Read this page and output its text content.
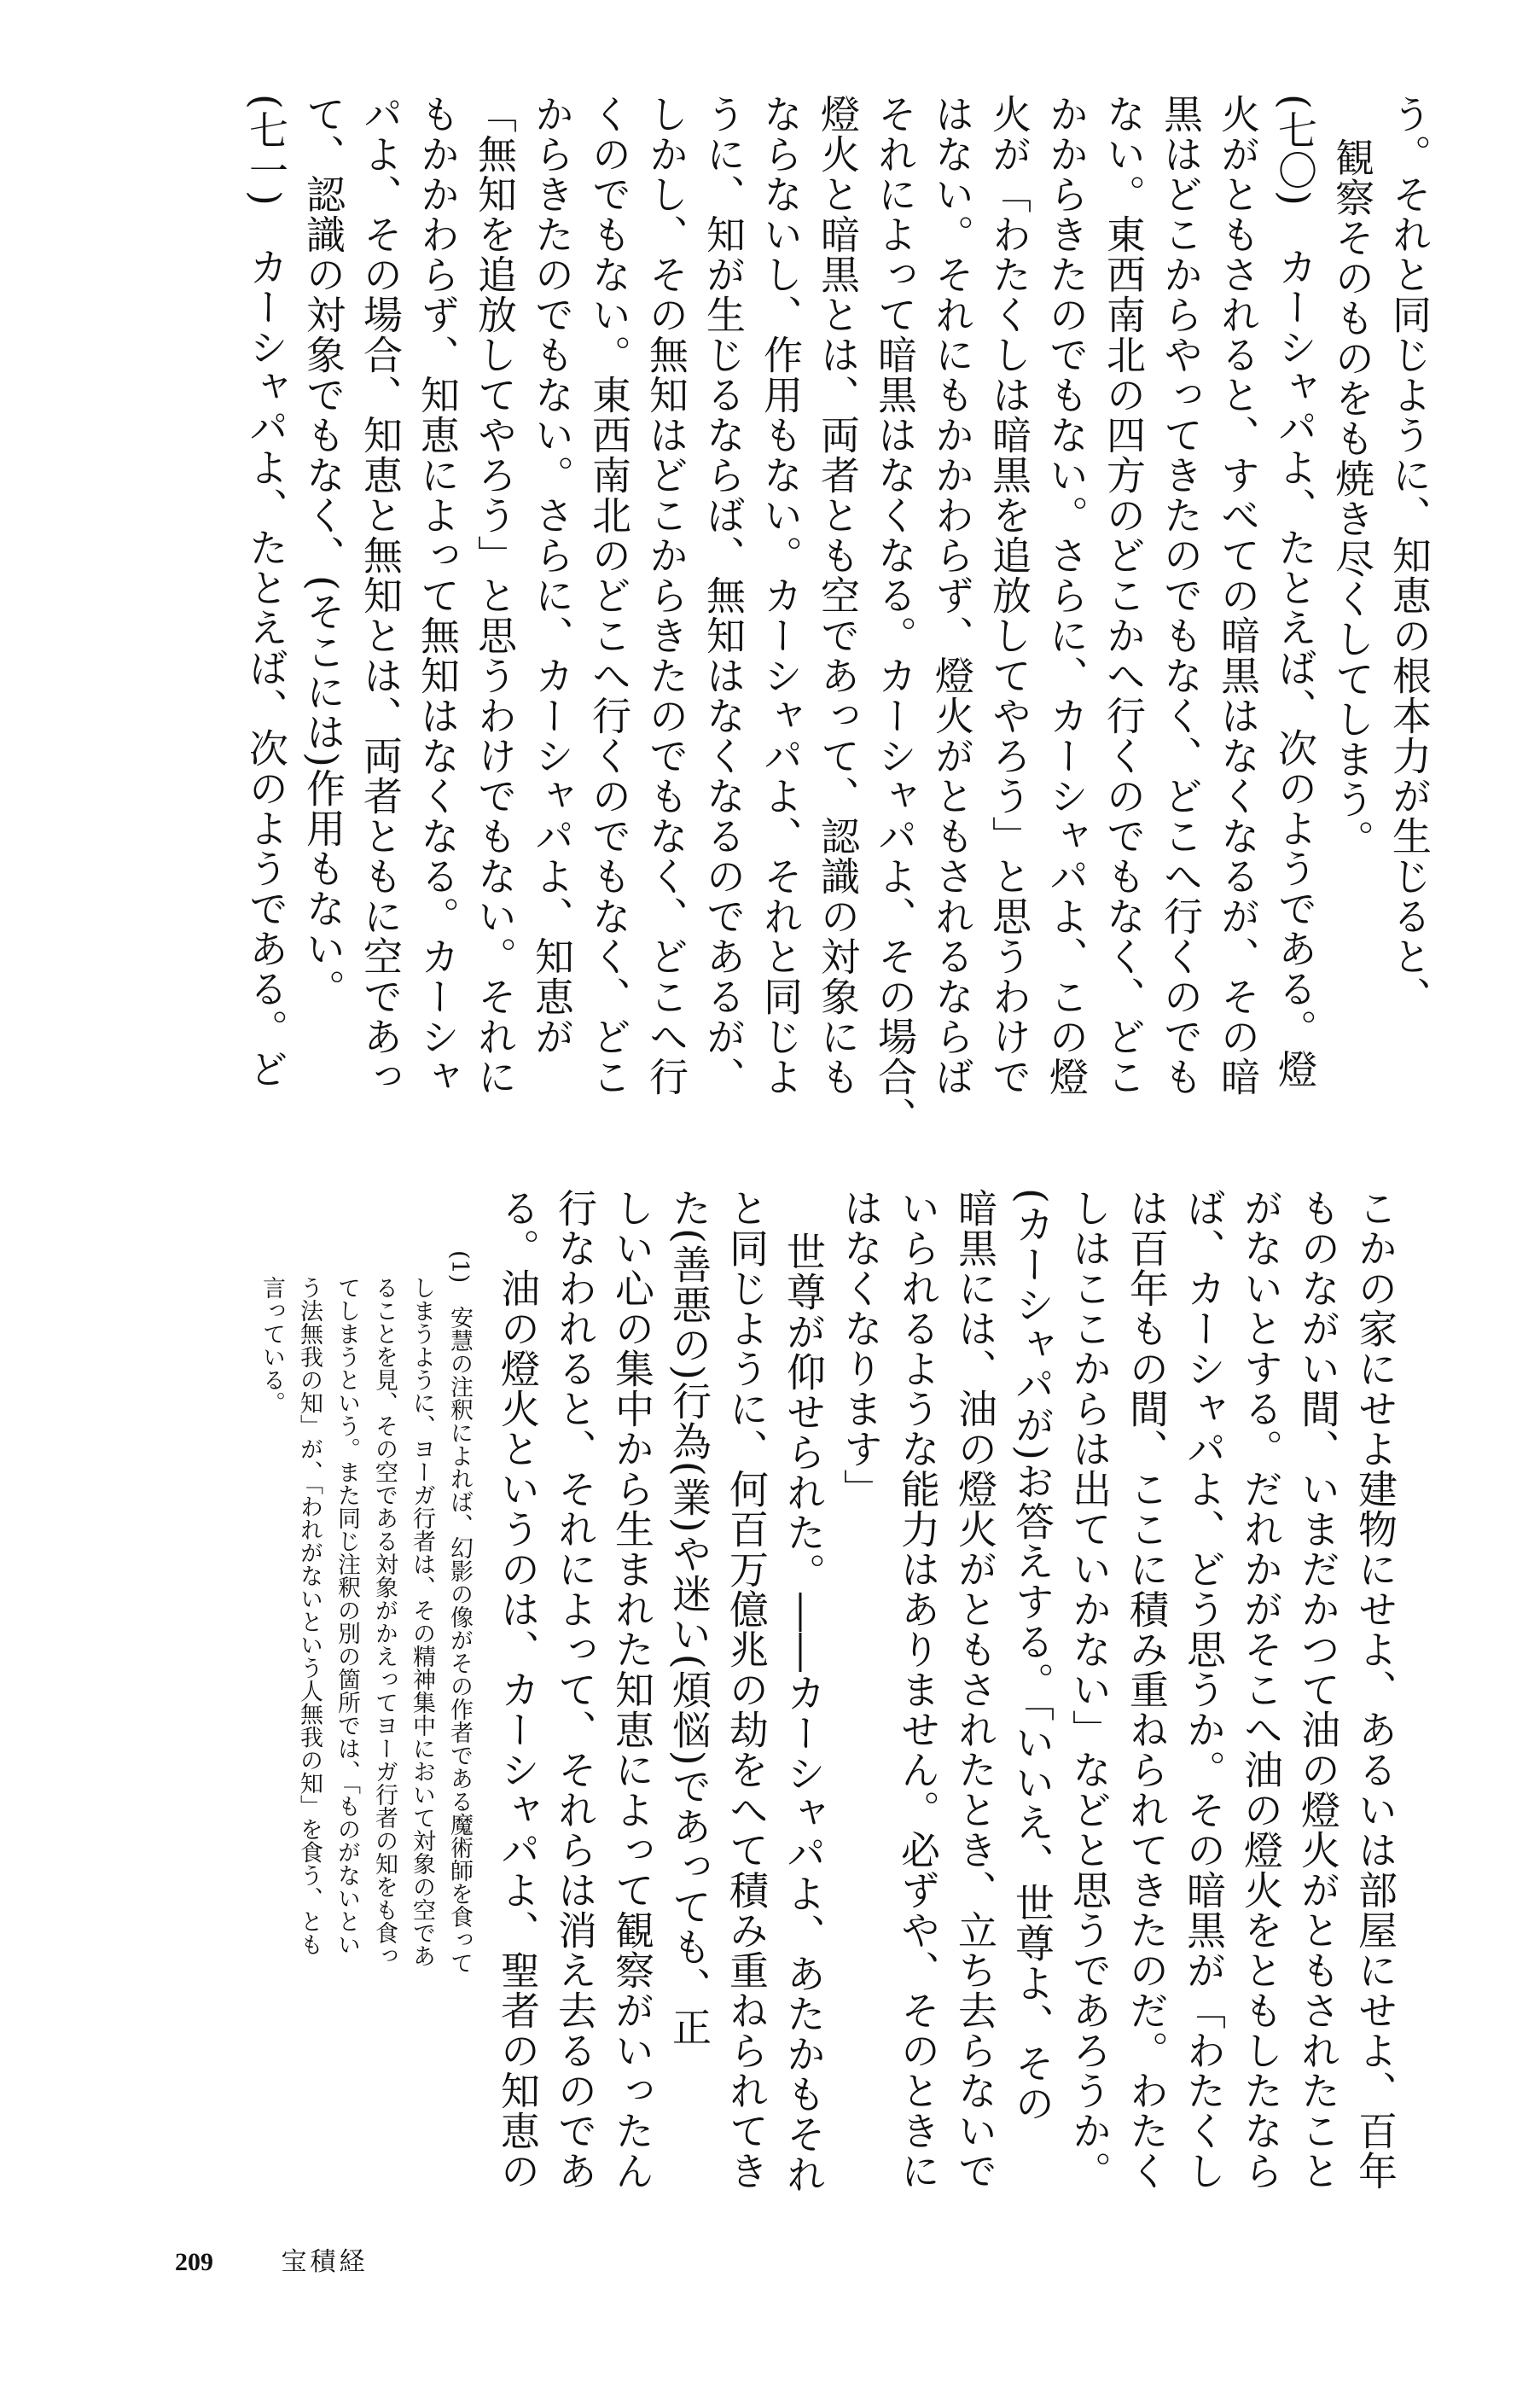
う。それと同じように、知恵の根本力が生じると、
観察そのものをも焼き尽くしてしまう。
(七〇)　カーシャパよ、たとえば、次のようである。燈
火がともされると、すべての暗黒はなくなるが、その暗
黒はどこからやってきたのでもなく、どこへ行くのでも
ない。東西南北の四方のどこかへ行くのでもなく、どこ
かからきたのでもない。さらに、カーシャパよ、この燈
火が「わたくしは暗黒を追放してやろう」と思うわけで
はない。それにもかかわらず、燈火がともされるならば
それによって暗黒はなくなる。カーシャパよ、その場合、
燈火と暗黒とは、両者とも空であって、認識の対象にも
ならないし、作用もない。カーシャパよ、それと同じよ
うに、知が生じるならば、無知はなくなるのであるが、
しかし、その無知はどこからきたのでもなく、どこへ行
くのでもない。東西南北のどこへ行くのでもなく、どこ
からきたのでもない。さらに、カーシャパよ、知恵が
「無知を追放してやろう」と思うわけでもない。それに
もかかわらず、知恵によって無知はなくなる。カーシャ
パよ、その場合、知恵と無知とは、両者ともに空であっ
て、認識の対象でもなく、(そこには)作用もない。
(七一)　カーシャパよ、たとえば、次のようである。ど
こかの家にせよ建物にせよ、あるいは部屋にせよ、百年
ものながい間、いまだかつて油の燈火がともされたこと
がないとする。だれかがそこへ油の燈火をともしたなら
ば、カーシャパよ、どう思うか。その暗黒が「わたくし
は百年もの間、ここに積み重ねられてきたのだ。わたく
しはここからは出ていかない」などと思うであろうか。
(カーシャパが)お答えする。「いいえ、世尊よ、その
暗黒には、油の燈火がともされたとき、立ち去らないで
いられるような能力はありません。必ずや、そのときに
はなくなります」
世尊が仰せられた。――カーシャパよ、あたかもそれ
と同じように、何百万億兆の劫をへて積み重ねられてき
た(善悪の)行為(業)や迷い(煩悩)であっても、正
しい心の集中から生まれた知恵によって観察がいったん
行なわれると、それによって、それらは消え去るのであ
る。油の燈火というのは、カーシャパよ、聖者の知恵の
(1)　安慧の注釈によれば、幻影の像がその作者である魔術師を食って
しまうように、ヨーガ行者は、その精神集中において対象の空であ
ることを見、その空である対象がかえってヨーガ行者の知をも食っ
てしまうという。また同じ注釈の別の箇所では、「ものがないとい
う法無我の知」が、「われがないという人無我の知」を食う、とも
言っている。
209	宝積経
